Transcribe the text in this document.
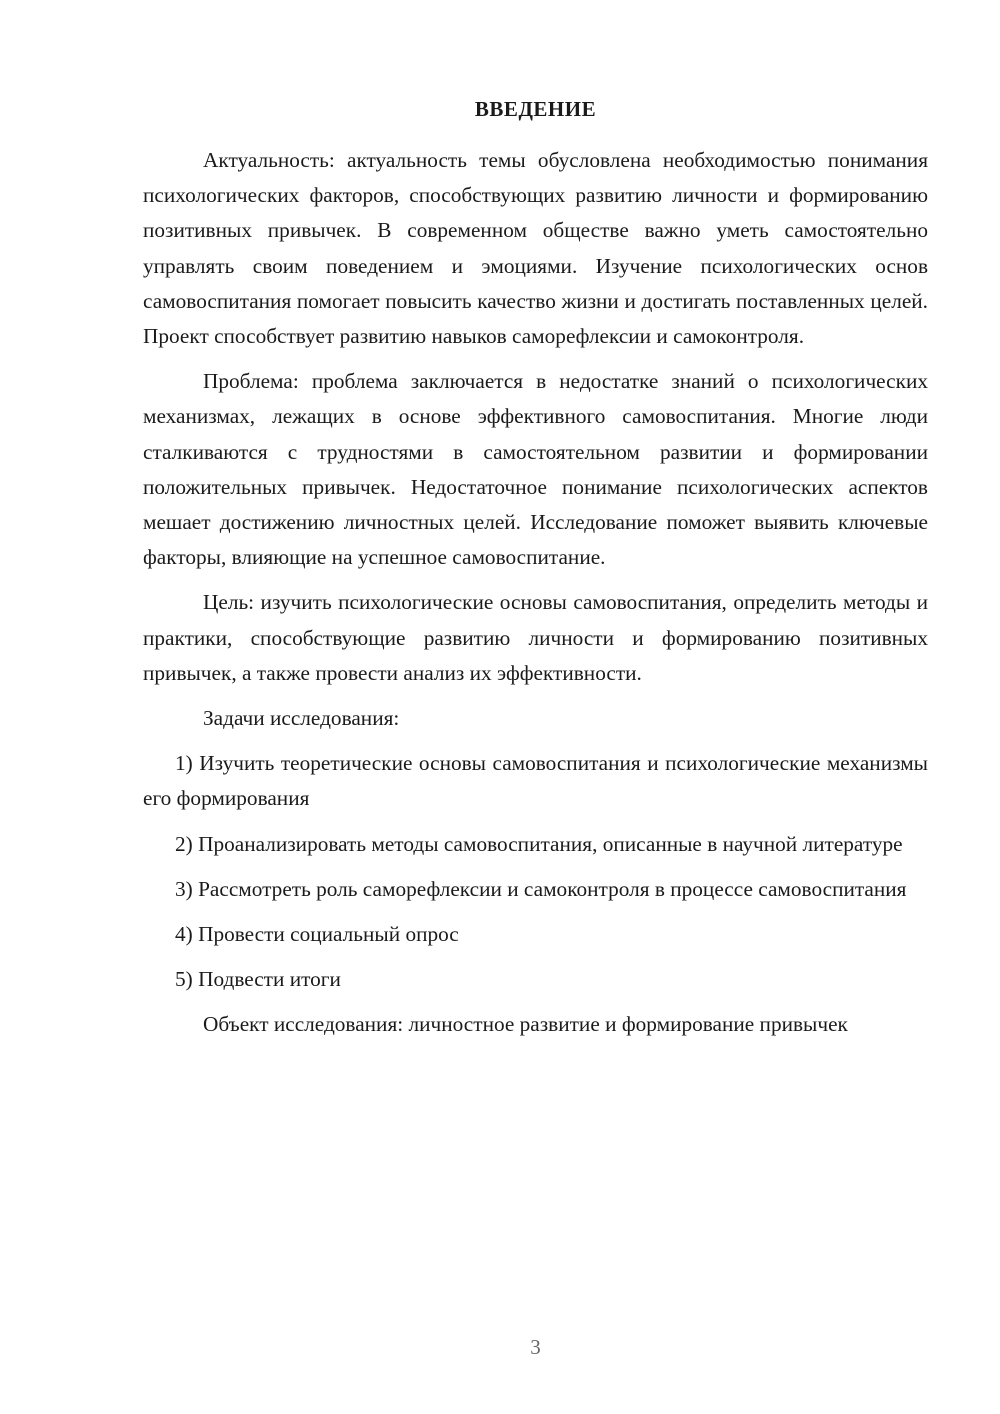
ВВЕДЕНИЕ

Актуальность: актуальность темы обусловлена необходимостью понимания психологических факторов, способствующих развитию личности и формированию позитивных привычек. В современном обществе важно уметь самостоятельно управлять своим поведением и эмоциями. Изучение психологических основ самовоспитания помогает повысить качество жизни и достигать поставленных целей. Проект способствует развитию навыков саморефлексии и самоконтроля.

Проблема: проблема заключается в недостатке знаний о психологических механизмах, лежащих в основе эффективного самовоспитания. Многие люди сталкиваются с трудностями в самостоятельном развитии и формировании положительных привычек. Недостаточное понимание психологических аспектов мешает достижению личностных целей. Исследование поможет выявить ключевые факторы, влияющие на успешное самовоспитание.

Цель: изучить психологические основы самовоспитания, определить методы и практики, способствующие развитию личности и формированию позитивных привычек, а также провести анализ их эффективности.

Задачи исследования:

1) Изучить теоретические основы самовоспитания и психологические механизмы его формирования

2) Проанализировать методы самовоспитания, описанные в научной литературе

3) Рассмотреть роль саморефлексии и самоконтроля в процессе самовоспитания

4) Провести социальный опрос

5) Подвести итоги

Объект исследования: личностное развитие и формирование привычек

3
